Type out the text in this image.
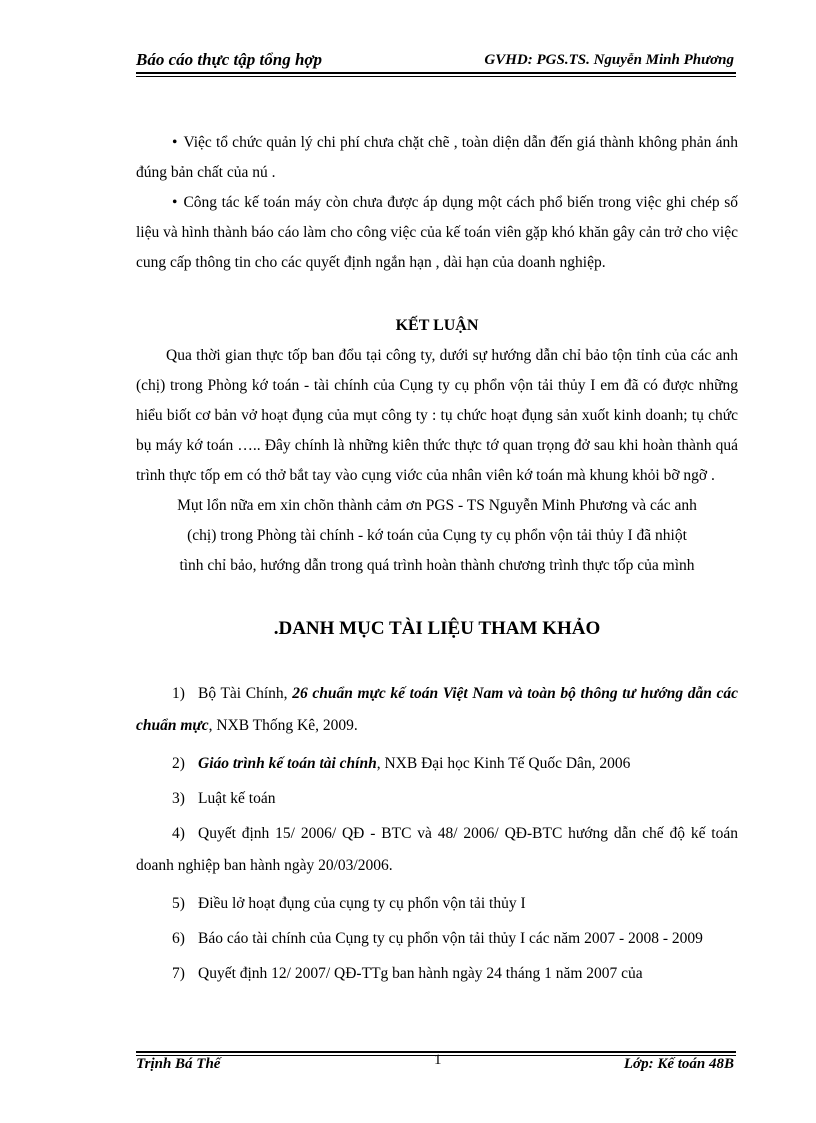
Báo cáo thực tập tổng hợp	GVHD: PGS.TS. Nguyễn Minh Phương

• Việc tổ chức quản lý chi phí chưa chặt chẽ , toàn diện dẫn đến giá thành không phản ánh đúng bản chất của nú .

• Công tác kế toán máy còn chưa được áp dụng một cách phổ biến trong việc ghi chép số liệu và hình thành báo cáo làm cho công việc của kế toán viên gặp khó khăn gây cản trở cho việc cung cấp thông tin cho các quyết định ngắn hạn , dài hạn của doanh nghiệp.

KẾT LUẬN

Qua thời gian thực tốp ban đổu tại công ty, dưới sự hướng dẫn chỉ bảo tộn tỉnh của các anh (chị) trong Phòng kớ toán - tài chính của Cụng ty cụ phổn vộn tải thủy I em đã có được những hiểu biốt cơ bản vở hoạt đụng của mụt công ty : tụ chức hoạt đụng sản xuốt kinh doanh; tụ chức bụ máy kớ toán ….. Đây chính là những kiên thức thực tớ quan trọng đở sau khi hoàn thành quá trình thực tốp em có thở bắt tay vào cụng viớc của nhân viên kớ toán mà khung khỏi bỡ ngỡ .

Mụt lổn nữa em xin chõn thành cảm ơn PGS - TS Nguyễn Minh Phương và các anh

(chị) trong Phòng tài chính - kớ toán của Cụng ty cụ phổn vộn tải thủy I đã nhiột

tình chỉ bảo, hướng dẫn trong quá trình hoàn thành chương trình thực tốp của mình

.DANH MỤC TÀI LIỆU THAM KHẢO

1) Bộ Tài Chính, 26 chuẩn mực kế toán Việt Nam và toàn bộ thông tư hướng dẫn các chuẩn mực, NXB Thống Kê, 2009.

2) Giáo trình kế toán tài chính, NXB Đại học Kinh Tế Quốc Dân, 2006

3) Luật kế toán

4) Quyết định 15/ 2006/ QĐ - BTC và 48/ 2006/ QĐ-BTC hướng dẫn chế độ kế toán doanh nghiệp ban hành ngày 20/03/2006.

5) Điều lở hoạt đụng của cụng ty cụ phổn vộn tải thủy I

6) Báo cáo tài chính của Cụng ty cụ phổn vộn tải thủy I các năm 2007 - 2008 - 2009

7) Quyết định 12/ 2007/ QĐ-TTg ban hành ngày 24 tháng 1 năm 2007 của

Trịnh Bá Thế	1	Lớp: Kế toán 48B
